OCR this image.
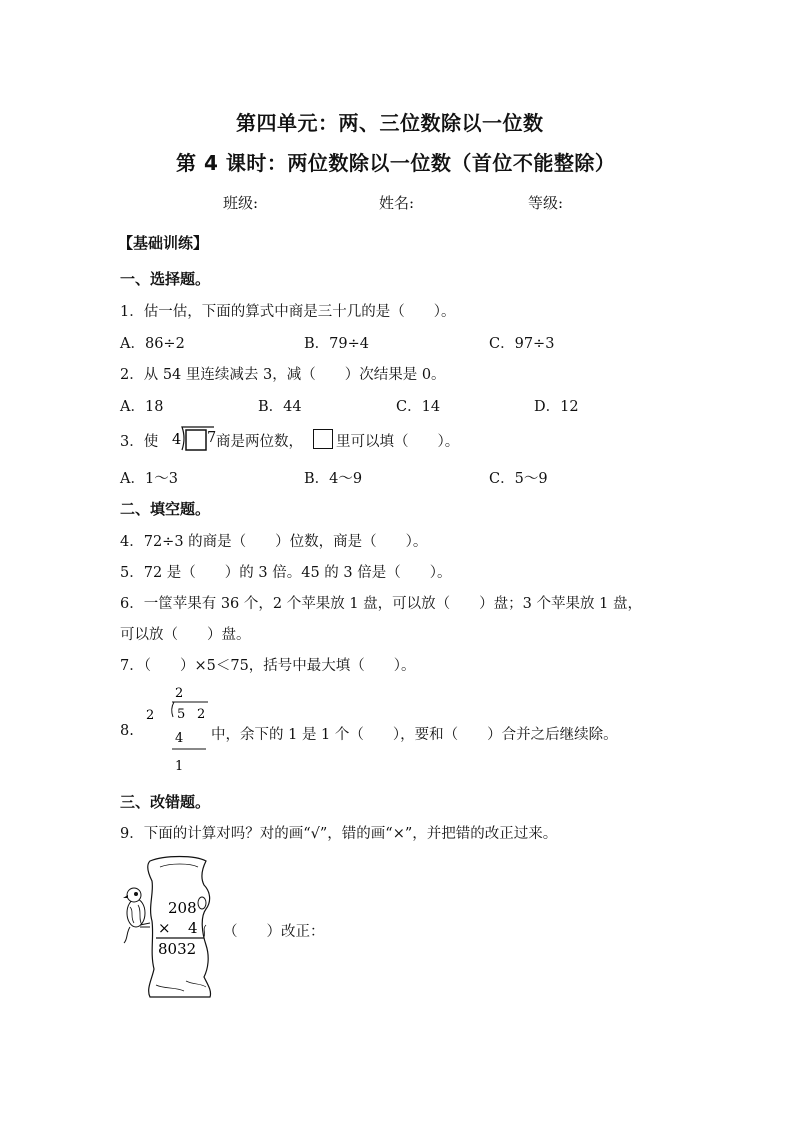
第四单元：两、三位数除以一位数
第 4 课时：两位数除以一位数（首位不能整除）
班级:	姓名:	等级:
【基础训练】
一、选择题。
1．估一估，下面的算式中商是三十几的是（　　）。
A．86÷2	B．79÷4	C．97÷3
2．从 54 里连续减去 3，减（　　）次结果是 0。
A．18	B．44	C．14	D．12
3．使 4 7 商是两位数， 里可以填（　　）。
A．1～3	B．4～9	C．5～9
二、填空题。
4．72÷3 的商是（　　）位数，商是（　　）。
5．72 是（　　）的 3 倍。45 的 3 倍是（　　）。
6．一筐苹果有 36 个，2 个苹果放 1 盘，可以放（　　）盘；3 个苹果放 1 盘，
可以放（　　）盘。
7．（　　）×5＜75，括号中最大填（　　）。
8.
2
2 5 2
4
1
中，余下的 1 是 1 个（　　），要和（　　）合并之后继续除。
三、改错题。
9．下面的计算对吗？对的画“√”，错的画“×”，并把错的改正过来。
208
× 4
8032
（　　）改正：
